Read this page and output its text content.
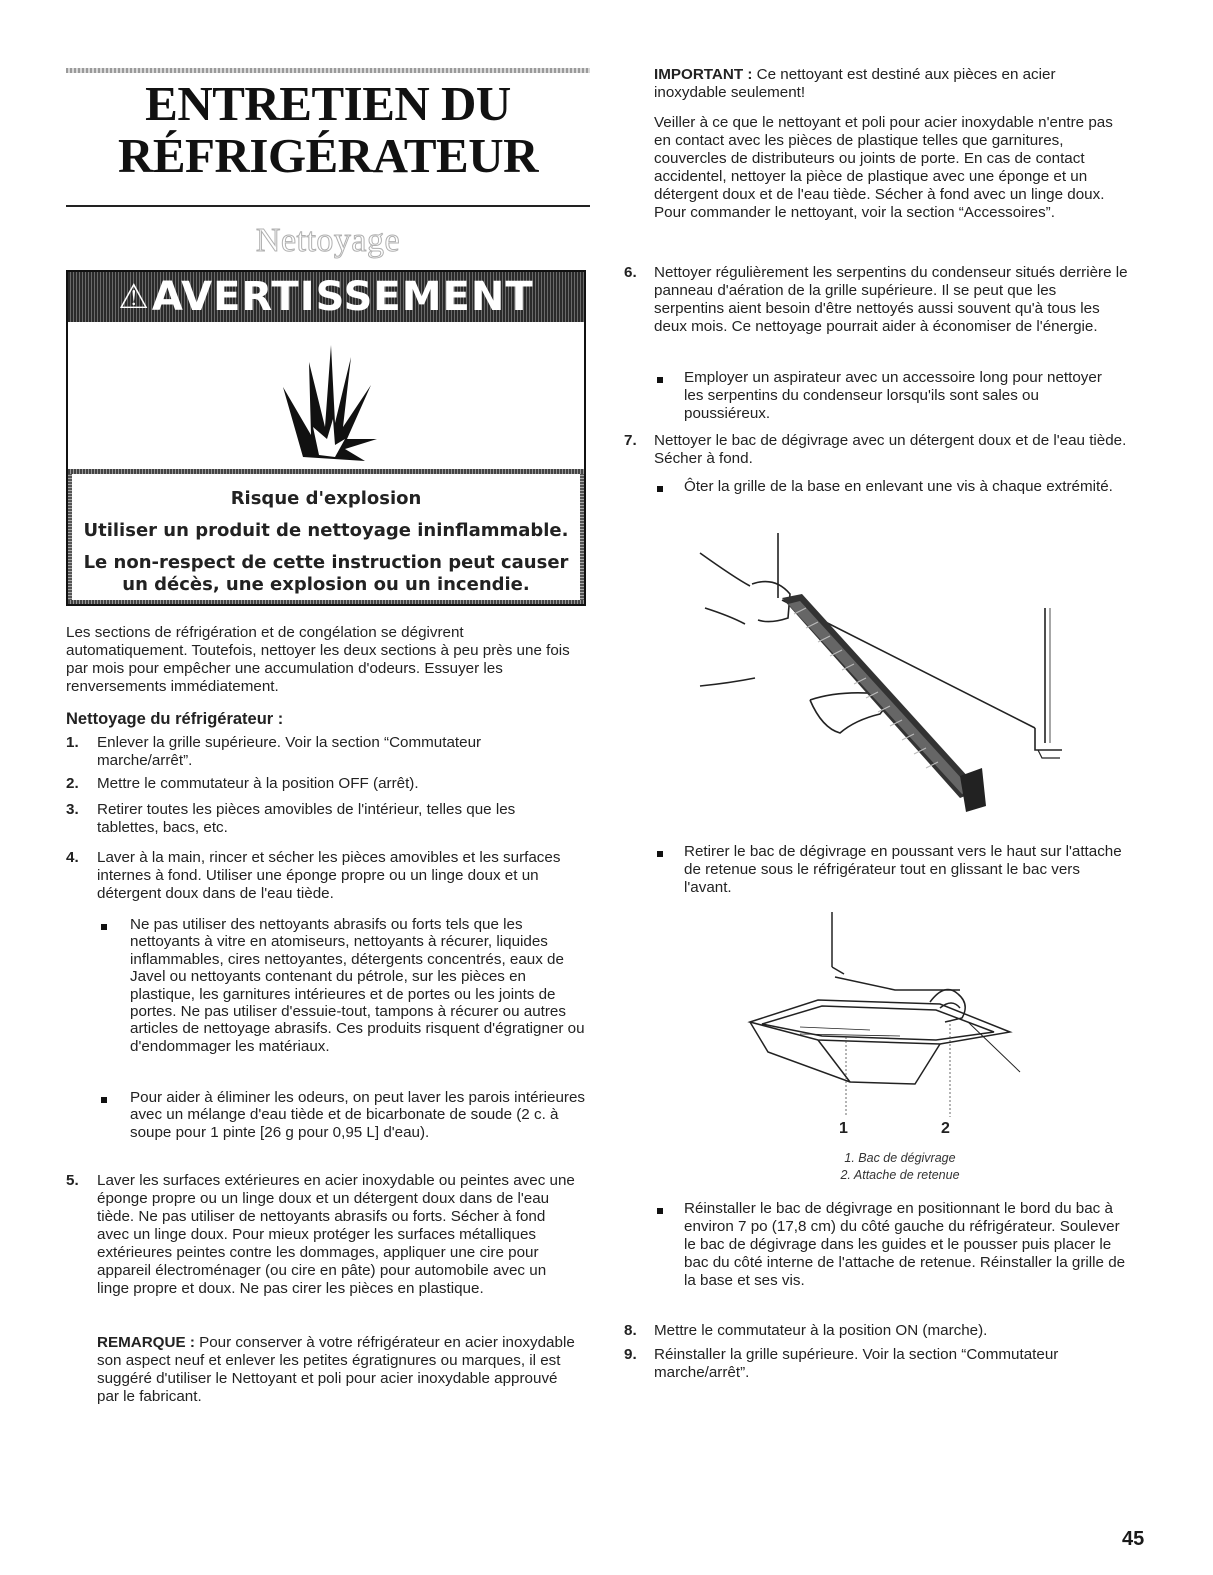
ENTRETIEN DU
RÉFRIGÉRATEUR
Nettoyage
⚠AVERTISSEMENT
Risque d'explosion
Utiliser un produit de nettoyage ininflammable.
Le non-respect de cette instruction peut causer
un décès, une explosion ou un incendie.
Les sections de réfrigération et de congélation se dégivrent automatiquement. Toutefois, nettoyer les deux sections à peu près une fois par mois pour empêcher une accumulation d'odeurs. Essuyer les renversements immédiatement.
Nettoyage du réfrigérateur :
1. Enlever la grille supérieure. Voir la section “Commutateur marche/arrêt”.
2. Mettre le commutateur à la position OFF (arrêt).
3. Retirer toutes les pièces amovibles de l'intérieur, telles que les tablettes, bacs, etc.
4. Laver à la main, rincer et sécher les pièces amovibles et les surfaces internes à fond. Utiliser une éponge propre ou un linge doux et un détergent doux dans de l'eau tiède.
Ne pas utiliser des nettoyants abrasifs ou forts tels que les nettoyants à vitre en atomiseurs, nettoyants à récurer, liquides inflammables, cires nettoyantes, détergents concentrés, eaux de Javel ou nettoyants contenant du pétrole, sur les pièces en plastique, les garnitures intérieures et de portes ou les joints de portes. Ne pas utiliser d'essuie-tout, tampons à récurer ou autres articles de nettoyage abrasifs. Ces produits risquent d'égratigner ou d'endommager les matériaux.
Pour aider à éliminer les odeurs, on peut laver les parois intérieures avec un mélange d'eau tiède et de bicarbonate de soude (2 c. à soupe pour 1 pinte [26 g pour 0,95 L] d'eau).
5. Laver les surfaces extérieures en acier inoxydable ou peintes avec une éponge propre ou un linge doux et un détergent doux dans de l'eau tiède. Ne pas utiliser de nettoyants abrasifs ou forts. Sécher à fond avec un linge doux. Pour mieux protéger les surfaces métalliques extérieures peintes contre les dommages, appliquer une cire pour appareil électroménager (ou cire en pâte) pour automobile avec un linge propre et doux. Ne pas cirer les pièces en plastique.
REMARQUE : Pour conserver à votre réfrigérateur en acier inoxydable son aspect neuf et enlever les petites égratignures ou marques, il est suggéré d'utiliser le Nettoyant et poli pour acier inoxydable approuvé par le fabricant.
IMPORTANT : Ce nettoyant est destiné aux pièces en acier inoxydable seulement!
Veiller à ce que le nettoyant et poli pour acier inoxydable n'entre pas en contact avec les pièces de plastique telles que garnitures, couvercles de distributeurs ou joints de porte. En cas de contact accidentel, nettoyer la pièce de plastique avec une éponge et un détergent doux et de l'eau tiède. Sécher à fond avec un linge doux. Pour commander le nettoyant, voir la section “Accessoires”.
6. Nettoyer régulièrement les serpentins du condenseur situés derrière le panneau d'aération de la grille supérieure. Il se peut que les serpentins aient besoin d'être nettoyés aussi souvent qu'à tous les deux mois. Ce nettoyage pourrait aider à économiser de l'énergie.
Employer un aspirateur avec un accessoire long pour nettoyer les serpentins du condenseur lorsqu'ils sont sales ou poussiéreux.
7. Nettoyer le bac de dégivrage avec un détergent doux et de l'eau tiède. Sécher à fond.
Ôter la grille de la base en enlevant une vis à chaque extrémité.
Retirer le bac de dégivrage en poussant vers le haut sur l'attache de retenue sous le réfrigérateur tout en glissant le bac vers l'avant.
1	2
1. Bac de dégivrage
2. Attache de retenue
Réinstaller le bac de dégivrage en positionnant le bord du bac à environ 7 po (17,8 cm) du côté gauche du réfrigérateur. Soulever le bac de dégivrage dans les guides et le pousser puis placer le bac du côté interne de l'attache de retenue. Réinstaller la grille de la base et ses vis.
8. Mettre le commutateur à la position ON (marche).
9. Réinstaller la grille supérieure. Voir la section “Commutateur marche/arrêt”.
45
